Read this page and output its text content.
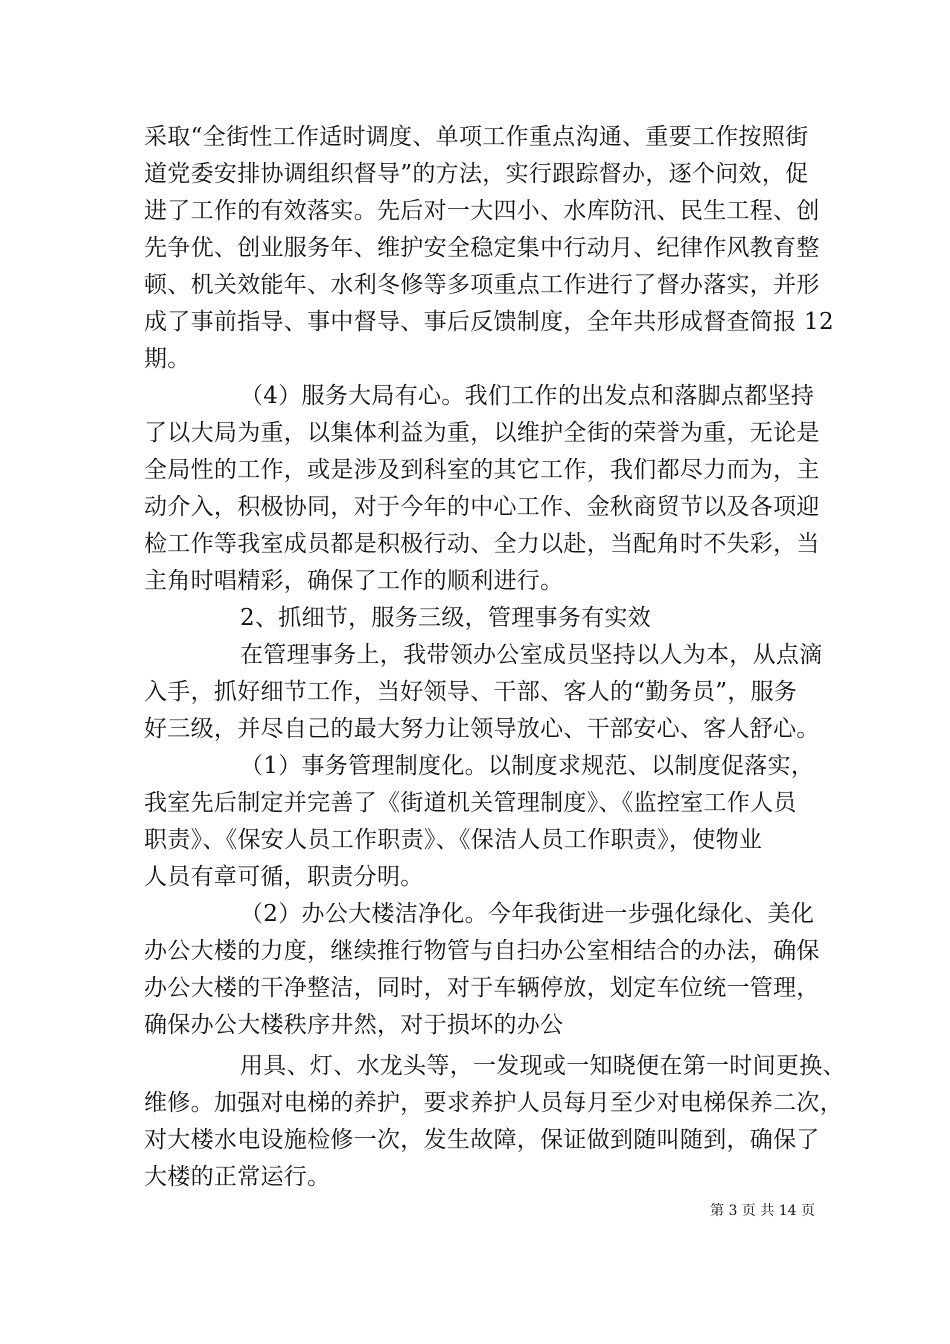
采取“全街性工作适时调度、单项工作重点沟通、重要工作按照街
道党委安排协调组织督导”的方法，实行跟踪督办，逐个问效，促
进了工作的有效落实。先后对一大四小、水库防汛、民生工程、创
先争优、创业服务年、维护安全稳定集中行动月、纪律作风教育整
顿、机关效能年、水利冬修等多项重点工作进行了督办落实，并形
成了事前指导、事中督导、事后反馈制度，全年共形成督查简报 12
期。
（4）服务大局有心。我们工作的出发点和落脚点都坚持
了以大局为重，以集体利益为重，以维护全街的荣誉为重，无论是
全局性的工作，或是涉及到科室的其它工作，我们都尽力而为，主
动介入，积极协同，对于今年的中心工作、金秋商贸节以及各项迎
检工作等我室成员都是积极行动、全力以赴，当配角时不失彩，当
主角时唱精彩，确保了工作的顺利进行。
2、抓细节，服务三级，管理事务有实效
在管理事务上，我带领办公室成员坚持以人为本，从点滴
入手，抓好细节工作，当好领导、干部、客人的“勤务员”，服务
好三级，并尽自己的最大努力让领导放心、干部安心、客人舒心。
（1）事务管理制度化。以制度求规范、以制度促落实，
我室先后制定并完善了《街道机关管理制度》、《监控室工作人员
职责》、《保安人员工作职责》、《保洁人员工作职责》，使物业
人员有章可循，职责分明。
（2）办公大楼洁净化。今年我街进一步强化绿化、美化
办公大楼的力度，继续推行物管与自扫办公室相结合的办法，确保
办公大楼的干净整洁，同时，对于车辆停放，划定车位统一管理，
确保办公大楼秩序井然，对于损坏的办公
用具、灯、水龙头等，一发现或一知晓便在第一时间更换、
维修。加强对电梯的养护，要求养护人员每月至少对电梯保养二次，
对大楼水电设施检修一次，发生故障，保证做到随叫随到，确保了
大楼的正常运行。
第 3 页 共 14 页
